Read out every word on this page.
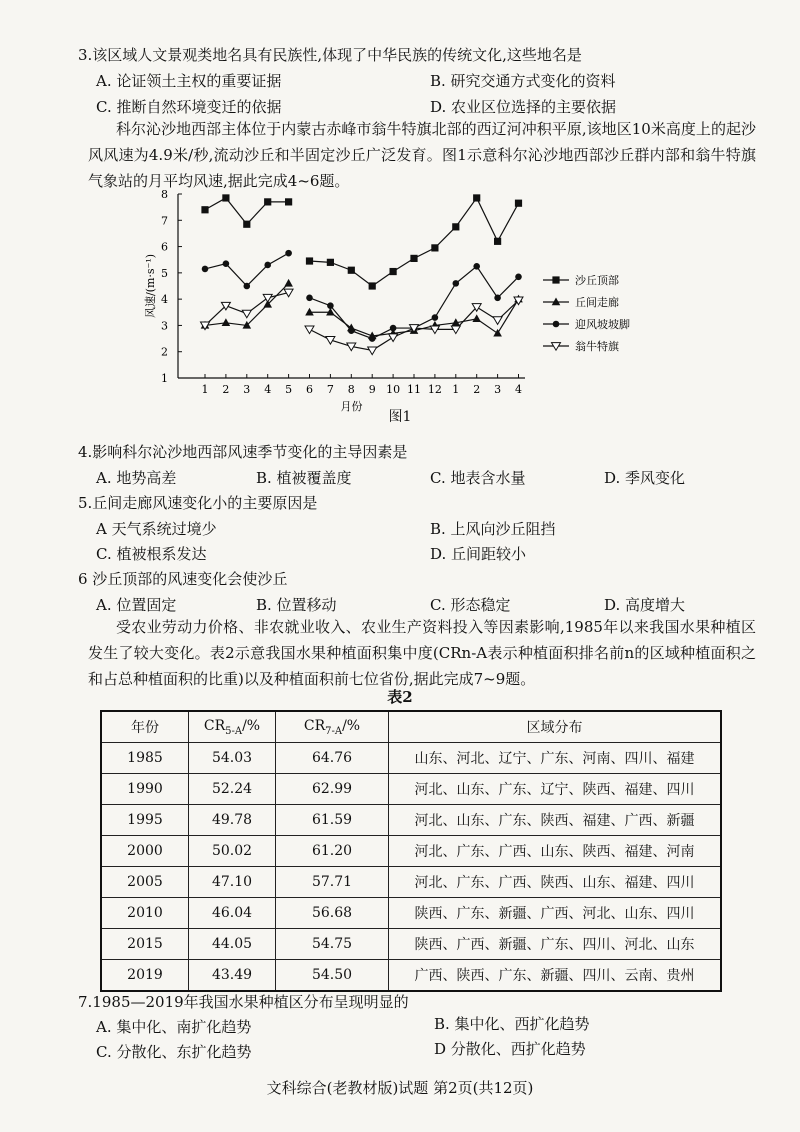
3.该区域人文景观类地名具有民族性,体现了中华民族的传统文化,这些地名是
A. 论证领土主权的重要证据	B. 研究交通方式变化的资料
C. 推断自然环境变迁的依据	D. 农业区位选择的主要依据
科尔沁沙地西部主体位于内蒙古赤峰市翁牛特旗北部的西辽河冲积平原,该地区10米高度上的起沙风风速为4.9米/秒,流动沙丘和半固定沙丘广泛发育。图1示意科尔沁沙地西部沙丘群内部和翁牛特旗气象站的月平均风速,据此完成4~6题。
1
2
3
4
5
6
7
8
1 2 3 4 5 6 7 8 9 10 11 12 1 2 3 4
月份
风速/(m·s⁻¹)	沙丘顶部
丘间走廊
迎风坡坡脚
翁牛特旗
图1
4.影响科尔沁沙地西部风速季节变化的主导因素是
A. 地势高差	B. 植被覆盖度	C. 地表含水量	D. 季风变化
5.丘间走廊风速变化小的主要原因是
A 天气系统过境少	B. 上风向沙丘阻挡
C. 植被根系发达	D. 丘间距较小
6 沙丘顶部的风速变化会使沙丘
A. 位置固定	B. 位置移动	C. 形态稳定	D. 高度增大
受农业劳动力价格、非农就业收入、农业生产资料投入等因素影响,1985年以来我国水果种植区发生了较大变化。表2示意我国水果种植面积集中度(CRn-A表示种植面积排名前n的区域种植面积之和占总种植面积的比重)以及种植面积前七位省份,据此完成7~9题。
表2
年份	$CR_{5-A}/\%$	$CR_{7-A}/\%$	区域分布
1985	54.03	64.76	山东、河北、辽宁、广东、河南、四川、福建
1990	52.24	62.99	河北、山东、广东、辽宁、陕西、福建、四川
1995	49.78	61.59	河北、山东、广东、陕西、福建、广西、新疆
2000	50.02	61.20	河北、广东、广西、山东、陕西、福建、河南
2005	47.10	57.71	河北、广东、广西、陕西、山东、福建、四川
2010	46.04	56.68	陕西、广东、新疆、广西、河北、山东、四川
2015	44.05	54.75	陕西、广西、新疆、广东、四川、河北、山东
2019	43.49	54.50	广西、陕西、广东、新疆、四川、云南、贵州
7.1985—2019年我国水果种植区分布呈现明显的
A. 集中化、南扩化趋势	B. 集中化、西扩化趋势
C. 分散化、东扩化趋势	D 分散化、西扩化趋势
文科综合(老教材版)试题 第2页(共12页)
